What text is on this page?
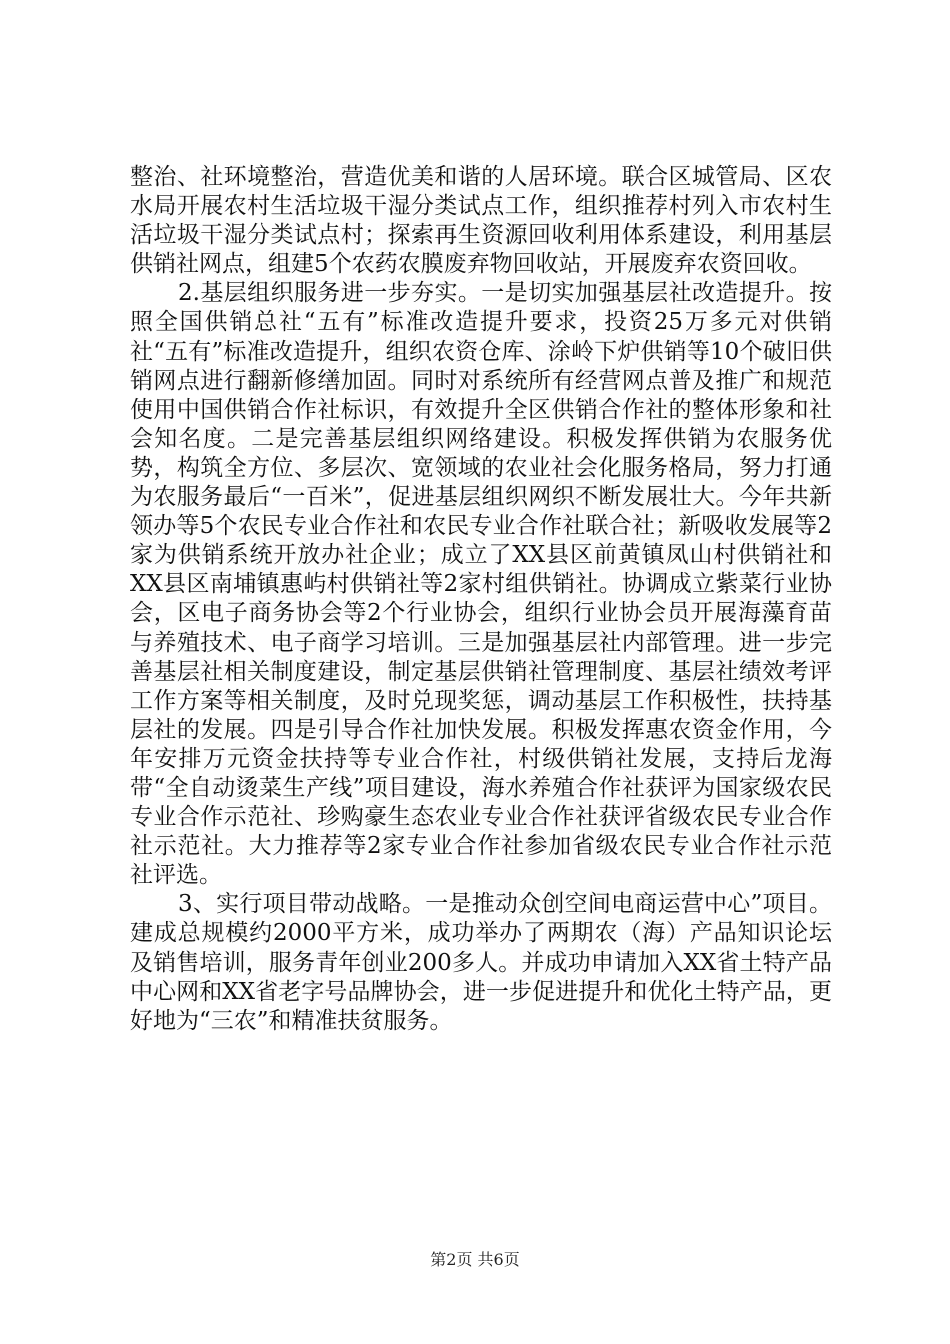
整治、社环境整治，营造优美和谐的人居环境。联合区城管局、区农水局开展农村生活垃圾干湿分类试点工作，组织推荐村列入市农村生活垃圾干湿分类试点村；探索再生资源回收利用体系建设，利用基层供销社网点，组建5个农药农膜废弃物回收站，开展废弃农资回收。

2.基层组织服务进一步夯实。一是切实加强基层社改造提升。按照全国供销总社“五有”标准改造提升要求，投资25万多元对供销社“五有”标准改造提升，组织农资仓库、涂岭下炉供销等10个破旧供销网点进行翻新修缮加固。同时对系统所有经营网点普及推广和规范使用中国供销合作社标识，有效提升全区供销合作社的整体形象和社会知名度。二是完善基层组织网络建设。积极发挥供销为农服务优势，构筑全方位、多层次、宽领域的农业社会化服务格局，努力打通为农服务最后“一百米”，促进基层组织网织不断发展壮大。今年共新领办等5个农民专业合作社和农民专业合作社联合社；新吸收发展等2家为供销系统开放办社企业；成立了XX县区前黄镇凤山村供销社和XX县区南埔镇惠屿村供销社等2家村组供销社。协调成立紫菜行业协会，区电子商务协会等2个行业协会，组织行业协会员开展海藻育苗与养殖技术、电子商学习培训。三是加强基层社内部管理。进一步完善基层社相关制度建设，制定基层供销社管理制度、基层社绩效考评工作方案等相关制度，及时兑现奖惩，调动基层工作积极性，扶持基层社的发展。四是引导合作社加快发展。积极发挥惠农资金作用，今年安排万元资金扶持等专业合作社，村级供销社发展，支持后龙海带“全自动烫菜生产线”项目建设，海水养殖合作社获评为国家级农民专业合作示范社、珍购豪生态农业专业合作社获评省级农民专业合作社示范社。大力推荐等2家专业合作社参加省级农民专业合作社示范社评选。

3、实行项目带动战略。一是推动众创空间电商运营中心”项目。建成总规模约2000平方米，成功举办了两期农（海）产品知识论坛及销售培训，服务青年创业200多人。并成功申请加入XX省土特产品中心网和XX省老字号品牌协会，进一步促进提升和优化土特产品，更好地为“三农”和精准扶贫服务。

第2页 共6页
